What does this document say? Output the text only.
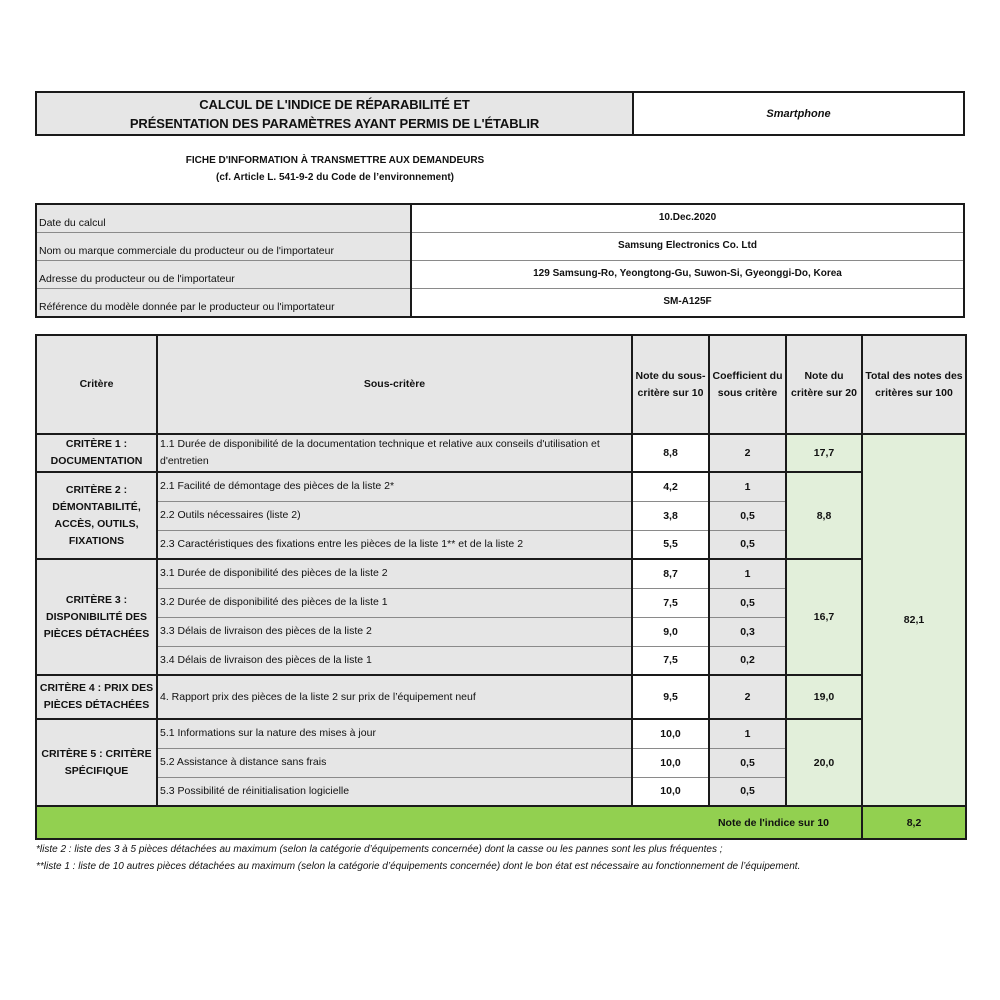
CALCUL DE L'INDICE DE RÉPARABILITÉ ET
PRÉSENTATION DES PARAMÈTRES AYANT PERMIS DE L'ÉTABLIR
Smartphone
FICHE D'INFORMATION À TRANSMETTRE AUX DEMANDEURS
(cf. Article L. 541-9-2 du Code de l’environnement)
Date du calcul	10.Dec.2020
Nom ou marque commerciale du producteur ou de l'importateur	Samsung Electronics Co. Ltd
Adresse du producteur ou de l'importateur	129 Samsung-Ro, Yeongtong-Gu, Suwon-Si, Gyeonggi-Do, Korea
Référence du modèle donnée par le producteur ou l'importateur	SM-A125F
Critère	Sous-critère	Note du sous-critère sur 10	Coefficient du sous critère	Note du critère sur 20	Total des notes des critères sur 100
CRITÈRE 1 : DOCUMENTATION	1.1 Durée de disponibilité de la documentation technique et relative aux conseils d'utilisation et d'entretien	8,8	2	17,7	82,1
CRITÈRE 2 : DÉMONTABILITÉ, ACCÈS, OUTILS, FIXATIONS	2.1 Facilité de démontage des pièces de la liste 2*	4,2	1	8,8	
	2.2 Outils nécessaires (liste 2)	3,8	0,5		
	2.3 Caractéristiques des fixations entre les pièces de la liste 1** et de la liste 2	5,5	0,5		
CRITÈRE 3 : DISPONIBILITÉ DES PIÈCES DÉTACHÉES	3.1 Durée de disponibilité des pièces de la liste 2	8,7	1	16,7	
	3.2 Durée de disponibilité des pièces de la liste 1	7,5	0,5		
	3.3 Délais de livraison des pièces de la liste 2	9,0	0,3		
	3.4 Délais de livraison des pièces de la liste 1	7,5	0,2		
CRITÈRE 4 : PRIX DES PIÈCES DÉTACHÉES	4. Rapport prix des pièces de la liste 2 sur prix de l’équipement neuf	9,5	2	19,0	
CRITÈRE 5 : CRITÈRE SPÉCIFIQUE	5.1 Informations sur la nature des mises à jour	10,0	1	20,0	
	5.2 Assistance à distance sans frais	10,0	0,5		
	5.3 Possibilité de réinitialisation logicielle	10,0	0,5		
Note de l'indice sur 10					8,2
*liste 2 : liste des 3 à 5 pièces détachées au maximum (selon la catégorie d’équipements concernée) dont la casse ou les pannes sont les plus fréquentes ;
**liste 1 : liste de 10 autres pièces détachées au maximum (selon la catégorie d’équipements concernée) dont le bon état est nécessaire au fonctionnement de l’équipement.
